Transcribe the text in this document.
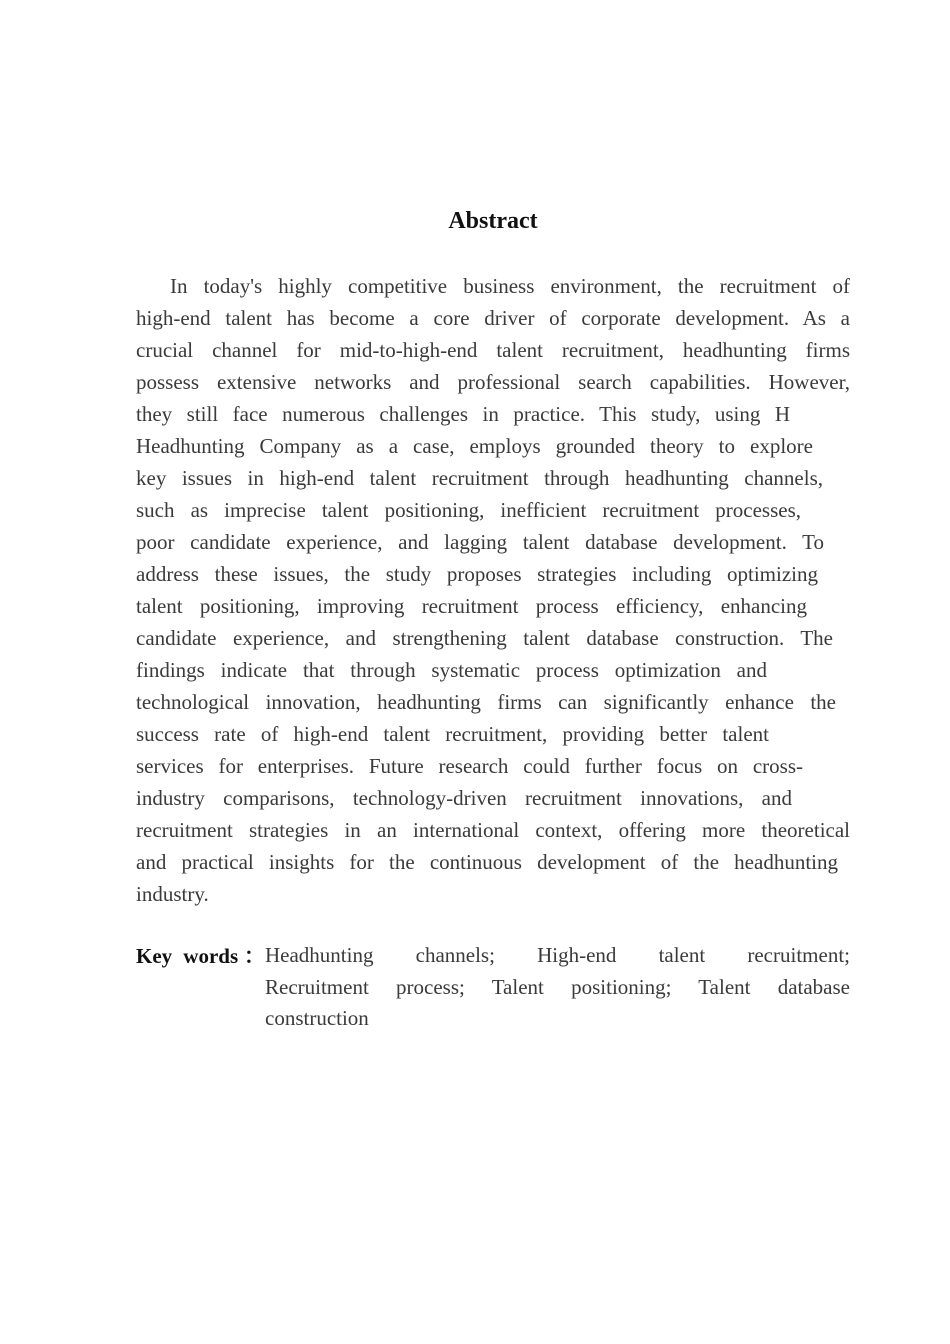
Abstract
In today's highly competitive business environment, the recruitment of
high-end talent has become a core driver of corporate development. As a
crucial channel for mid-to-high-end talent recruitment, headhunting firms
possess extensive networks and professional search capabilities. However,
they still face numerous challenges in practice. This study, using H
Headhunting Company as a case, employs grounded theory to explore
key issues in high-end talent recruitment through headhunting channels,
such as imprecise talent positioning, inefficient recruitment processes,
poor candidate experience, and lagging talent database development. To
address these issues, the study proposes strategies including optimizing
talent positioning, improving recruitment process efficiency, enhancing
candidate experience, and strengthening talent database construction. The
findings indicate that through systematic process optimization and
technological innovation, headhunting firms can significantly enhance the
success rate of high-end talent recruitment, providing better talent
services for enterprises. Future research could further focus on cross-
industry comparisons, technology-driven recruitment innovations, and
recruitment strategies in an international context, offering more theoretical
and practical insights for the continuous development of the headhunting
industry.
Key words： Headhunting channels; High-end talent recruitment;
Recruitment process; Talent positioning; Talent database
construction
